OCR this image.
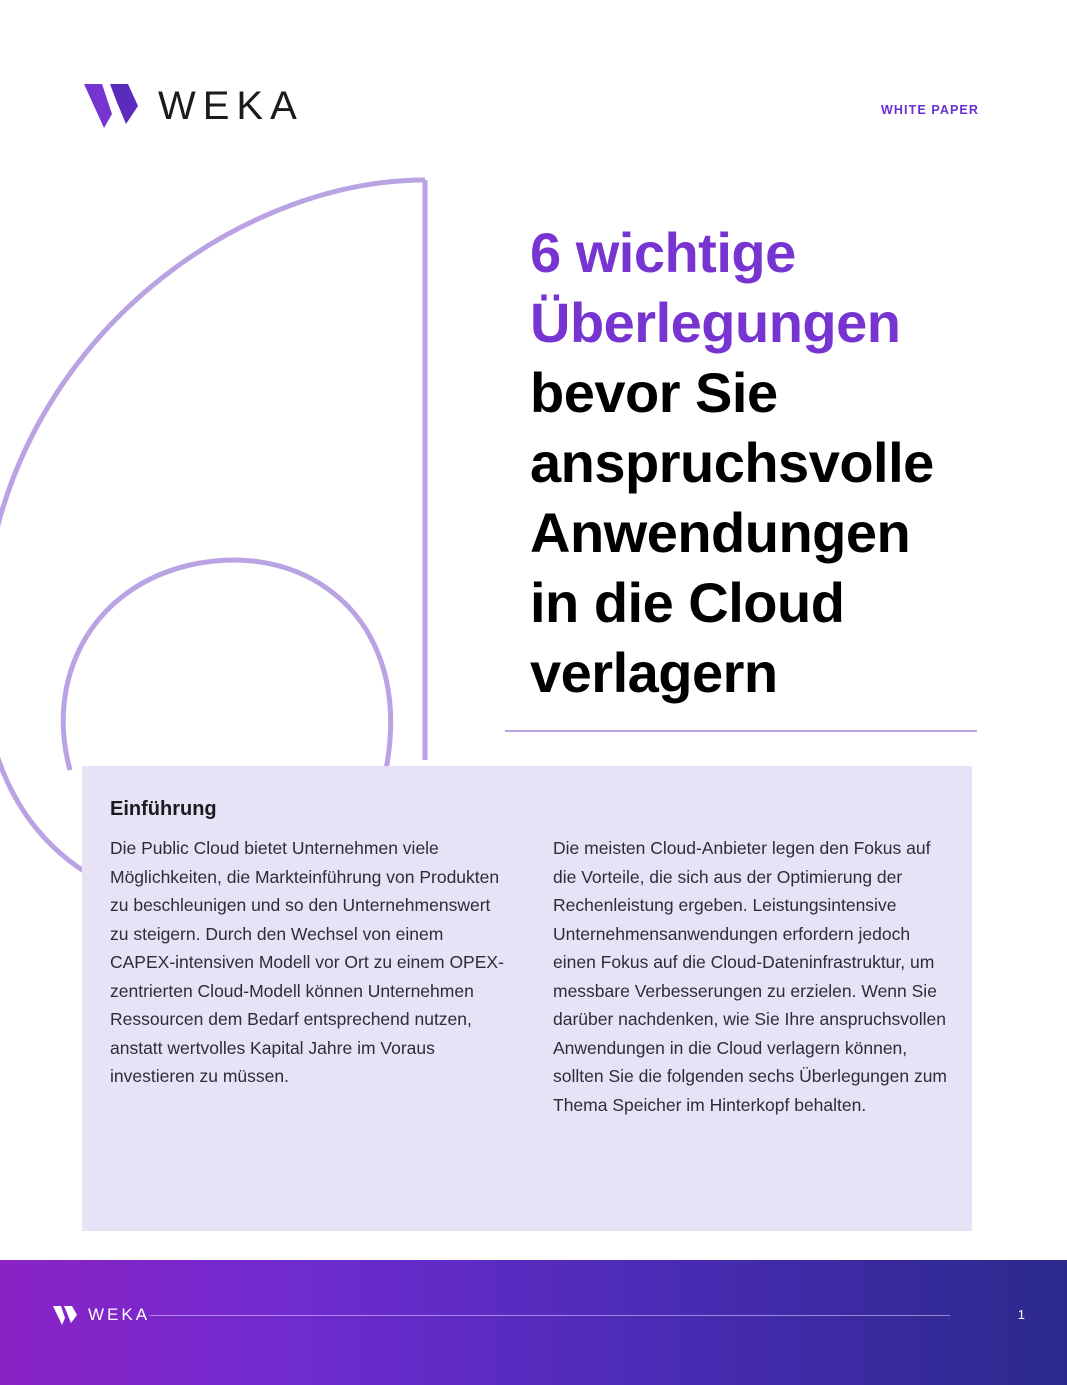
WEKA	WHITE PAPER
6 wichtige
Überlegungen
bevor Sie
anspruchsvolle
Anwendungen
in die Cloud
verlagern
Einführung

Die Public Cloud bietet Unternehmen viele Möglichkeiten, die Markteinführung von Produkten zu beschleunigen und so den Unternehmenswert zu steigern. Durch den Wechsel von einem CAPEX-intensiven Modell vor Ort zu einem OPEX-zentrierten Cloud-Modell können Unternehmen Ressourcen dem Bedarf entsprechend nutzen, anstatt wertvolles Kapital Jahre im Voraus investieren zu müssen.

Die meisten Cloud-Anbieter legen den Fokus auf die Vorteile, die sich aus der Optimierung der Rechenleistung ergeben. Leistungsintensive Unternehmensanwendungen erfordern jedoch einen Fokus auf die Cloud-Dateninfrastruktur, um messbare Verbesserungen zu erzielen. Wenn Sie darüber nachdenken, wie Sie Ihre anspruchsvollen Anwendungen in die Cloud verlagern können, sollten Sie die folgenden sechs Überlegungen zum Thema Speicher im Hinterkopf behalten.

WEKA	1
